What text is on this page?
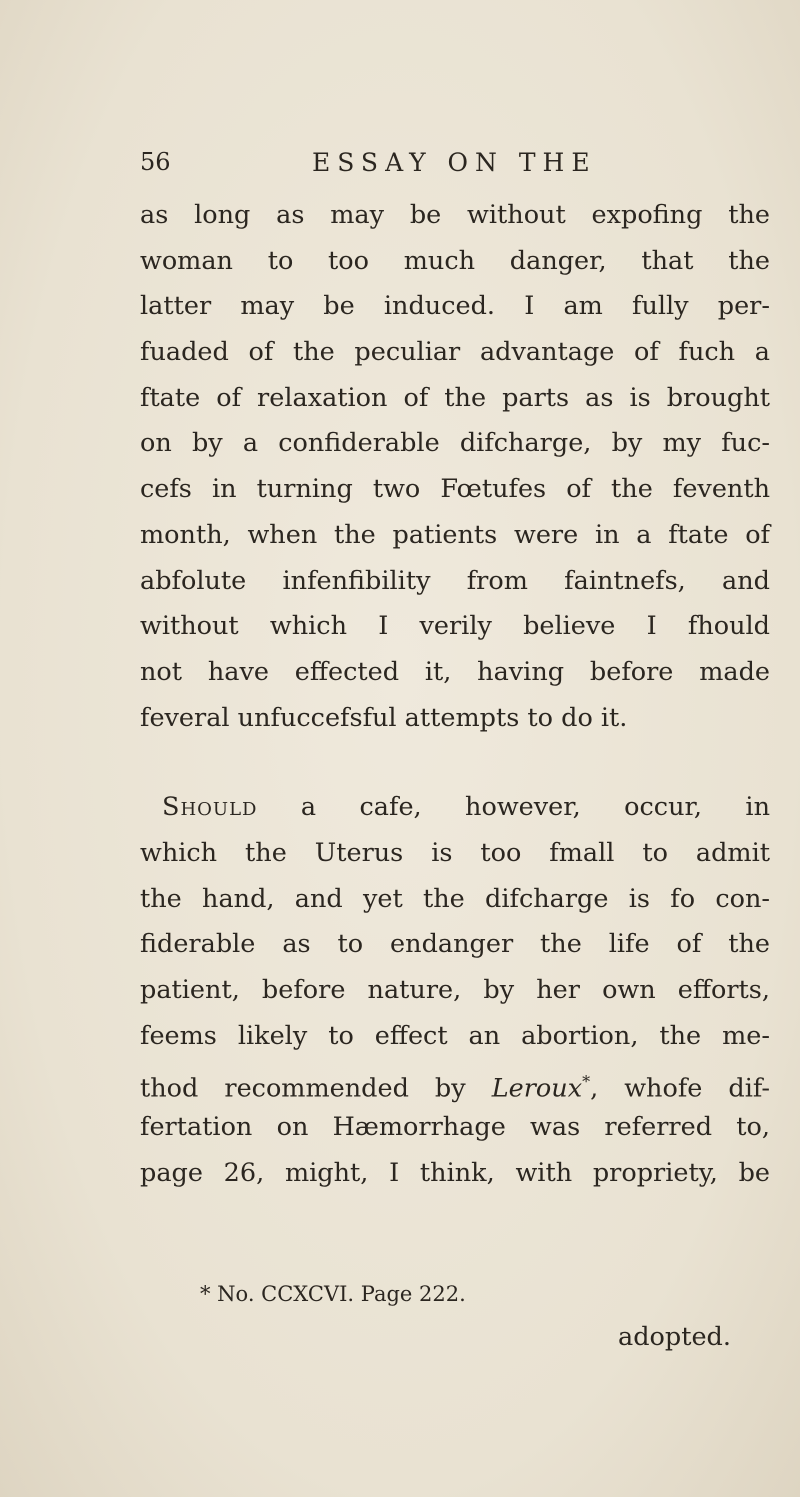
56	ESSAY ON THE
as long as may be without expofing the
woman to too much danger, that the
latter may be induced. I am fully per-
fuaded of the peculiar advantage of fuch a
ftate of relaxation of the parts as is brought
on by a confiderable difcharge, by my fuc-
cefs in turning two Fœtufes of the feventh
month, when the patients were in a ftate of
abfolute infenfibility from faintnefs, and
without which I verily believe I fhould
not have effected it, having before made
feveral unfuccefsful attempts to do it.
Should a cafe, however, occur, in
which the Uterus is too fmall to admit
the hand, and yet the difcharge is fo con-
fiderable as to endanger the life of the
patient, before nature, by her own efforts,
feems likely to effect an abortion, the me-
thod recommended by Leroux*, whofe dif-
fertation on Hæmorrhage was referred to,
page 26, might, I think, with propriety, be
* No. CCXCVI. Page 222.
adopted.
